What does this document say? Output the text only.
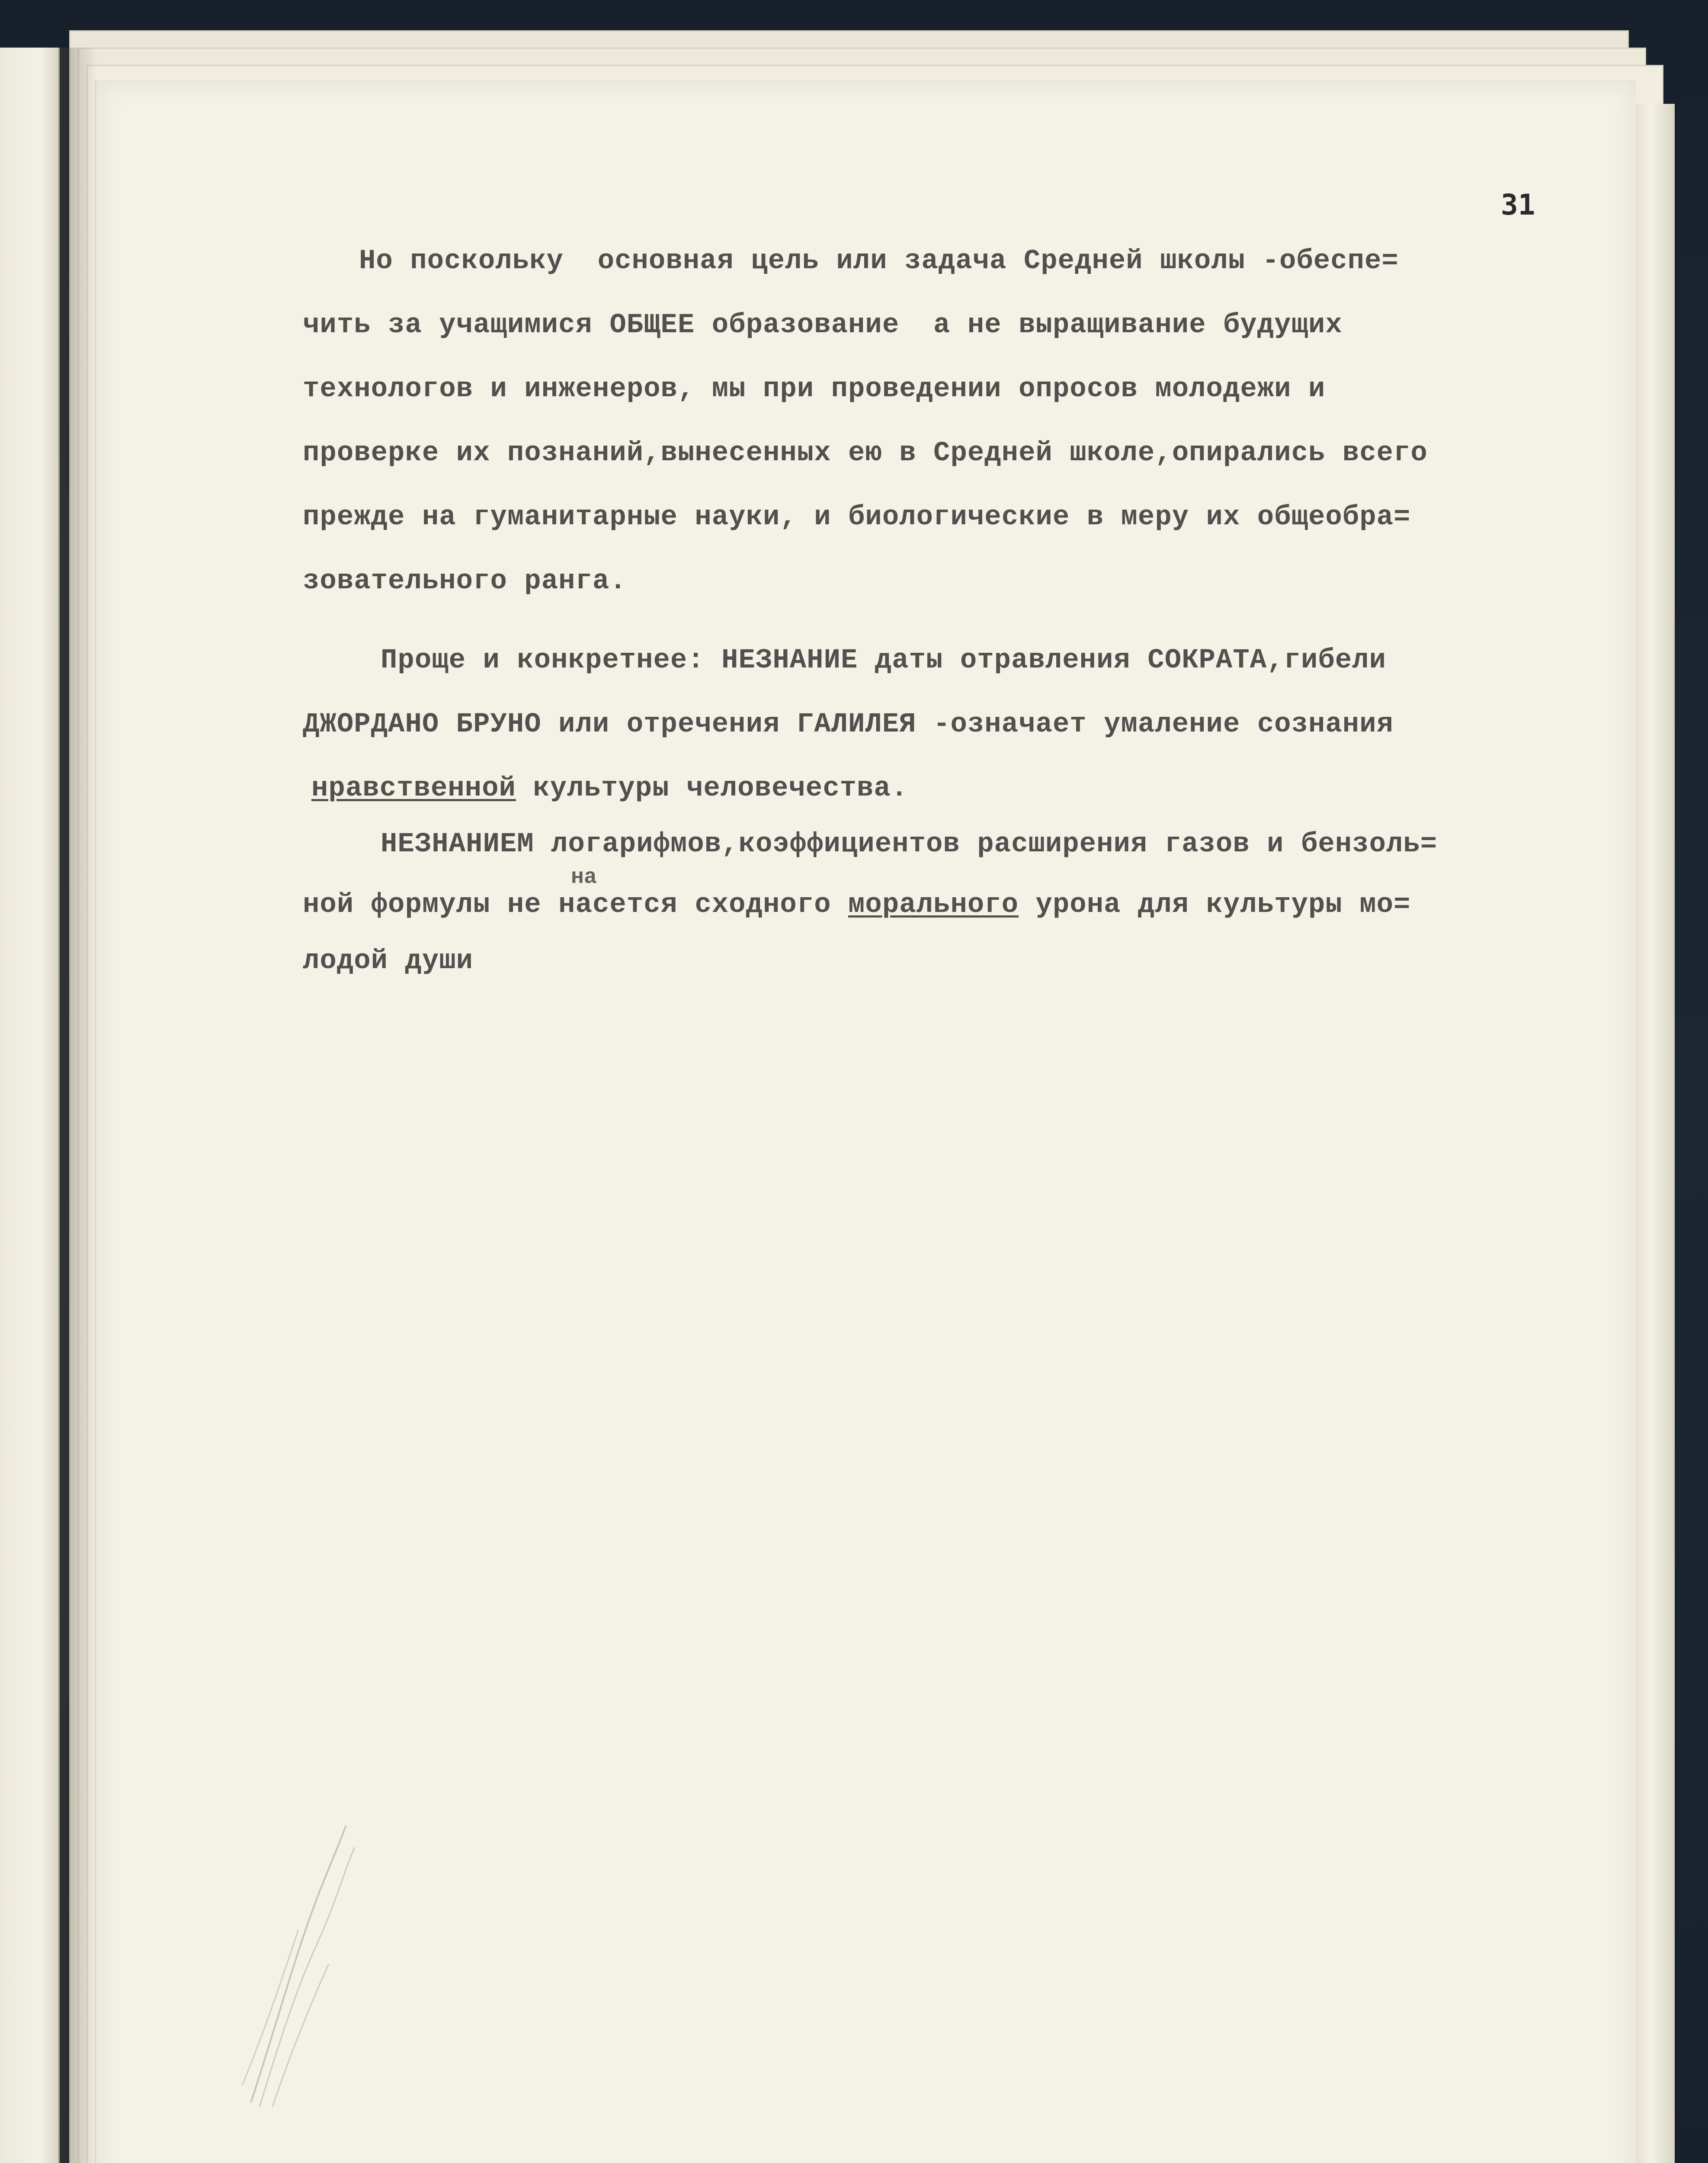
31
Но поскольку  основная цель или задача Средней школы -обеспе=
чить за учащимися ОБЩЕЕ образование  а не выращивание будущих
технологов и инженеров, мы при проведении опросов молодежи и
проверке их познаний,вынесенных ею в Средней школе,опирались всего
прежде на гуманитарные науки, и биологические в меру их общеобра=
зовательного ранга.
Проще и конкретнее: НЕЗНАНИЕ даты отравления СОКРАТА,гибели
ДЖОРДАНО БРУНО или отречения ГАЛИЛЕЯ -означает умаление сознания
нравственной культуры человечества.
НЕЗНАНИЕМ логарифмов,коэффициентов расширения газов и бензоль=
на
ной формулы не насется сходного морального урона для культуры мо=
лодой души
